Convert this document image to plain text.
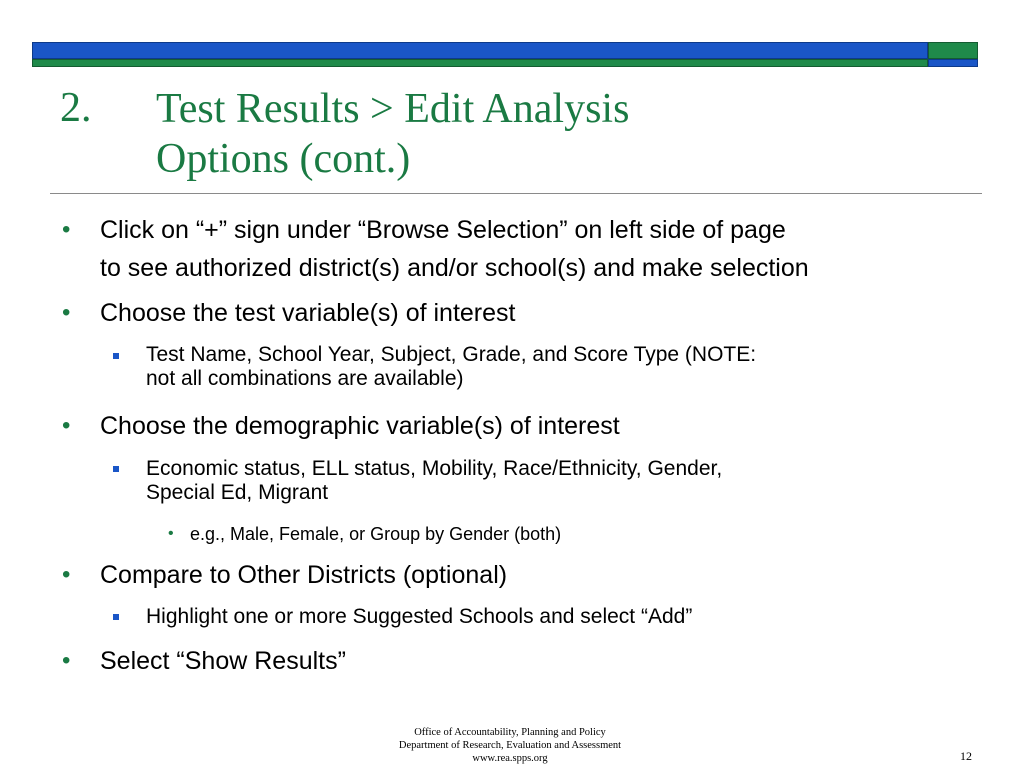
2. Test Results > Edit Analysis
Options (cont.)
• Click on “+” sign under “Browse Selection” on left side of page
to see authorized district(s) and/or school(s) and make selection
• Choose the test variable(s) of interest
Test Name, School Year, Subject, Grade, and Score Type (NOTE:
not all combinations are available)
• Choose the demographic variable(s) of interest
Economic status, ELL status, Mobility, Race/Ethnicity, Gender,
Special Ed, Migrant
• e.g., Male, Female, or Group by Gender (both)
• Compare to Other Districts (optional)
Highlight one or more Suggested Schools and select “Add”
• Select “Show Results”
Office of Accountability, Planning and Policy
Department of Research, Evaluation and Assessment
www.rea.spps.org	12
